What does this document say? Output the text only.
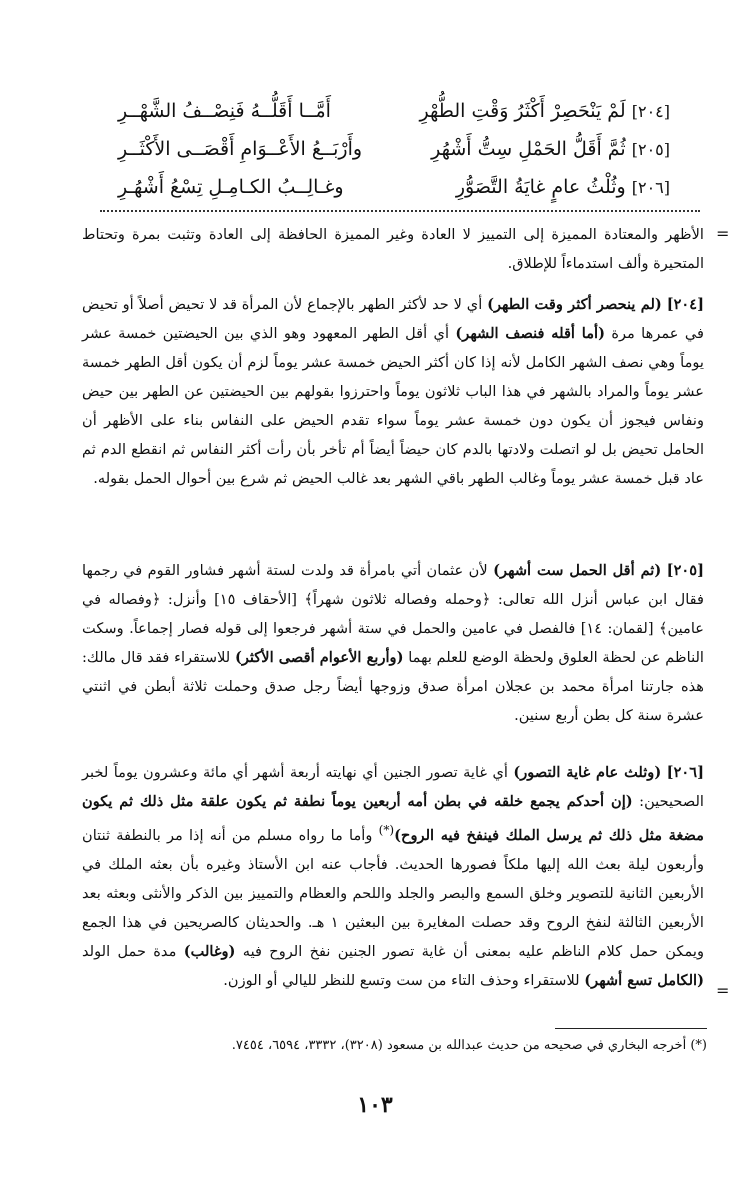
[٢٠٤]لَمْ يَنْحَصِرْ أَكْثَرُ وَقْتِ الطُّهْرِ
أَمَّــا أَقَلُّــهُ فَنِصْــفُ الشَّهْــرِ
[٢٠٥]ثُمَّ أَقَلُّ الحَمْلِ سِتُّ أَشْهُرِ
وأَرْبَــعُ الأَعْــوَامِ أَقْصَــى الأَكْثَــرِ
[٢٠٦]وثُلْثُ عامٍ غايَةُ التَّصَوُّرِ
وغـالِــبُ الكـامِـلِ تِسْعُ أَشْهُـرِ
=
الأظهر والمعتادة المميزة إلى التمييز لا العادة وغير المميزة الحافظة إلى العادة وتثبت بمرة وتحتاط المتحيرة وألف استدماءاً للإطلاق.
[٢٠٤] (لم ينحصر أكثر وقت الطهر) أي لا حد لأكثر الطهر بالإجماع لأن المرأة قد لا تحيض أصلاً أو تحيض في عمرها مرة (أما أقله فنصف الشهر) أي أقل الطهر المعهود وهو الذي بين الحيضتين خمسة عشر يوماً وهي نصف الشهر الكامل لأنه إذا كان أكثر الحيض خمسة عشر يوماً لزم أن يكون أقل الطهر خمسة عشر يوماً والمراد بالشهر في هذا الباب ثلاثون يوماً واحترزوا بقولهم بين الحيضتين عن الطهر بين حيض ونفاس فيجوز أن يكون دون خمسة عشر يوماً سواء تقدم الحيض على النفاس بناء على الأظهر أن الحامل تحيض بل لو اتصلت ولادتها بالدم كان حيضاً أيضاً أم تأخر بأن رأت أكثر النفاس ثم انقطع الدم ثم عاد قبل خمسة عشر يوماً وغالب الطهر باقي الشهر بعد غالب الحيض ثم شرع بين أحوال الحمل بقوله.
[٢٠٥] (ثم أقل الحمل ست أشهر) لأن عثمان أتي بامرأة قد ولدت لستة أشهر فشاور القوم في رجمها فقال ابن عباس أنزل الله تعالى: ﴿وحمله وفصاله ثلاثون شهراً﴾ [الأحقاف ١٥] وأنزل: ﴿وفصاله في عامين﴾ [لقمان: ١٤] فالفصل في عامين والحمل في ستة أشهر فرجعوا إلى قوله فصار إجماعاً. وسكت الناظم عن لحظة العلوق ولحظة الوضع للعلم بهما (وأربع الأعوام أقصى الأكثر) للاستقراء فقد قال مالك: هذه جارتنا امرأة محمد بن عجلان امرأة صدق وزوجها أيضاً رجل صدق وحملت ثلاثة أبطن في اثنتي عشرة سنة كل بطن أربع سنين.
[٢٠٦] (وثلث عام غاية التصور) أي غاية تصور الجنين أي نهايته أربعة أشهر أي مائة وعشرون يوماً لخبر الصحيحين: (إن أحدكم يجمع خلقه في بطن أمه أربعين يوماً نطفة ثم يكون علقة مثل ذلك ثم يكون مضغة مثل ذلك ثم يرسل الملك فينفخ فيه الروح)(*) وأما ما رواه مسلم من أنه إذا مر بالنطفة ثنتان وأربعون ليلة بعث الله إليها ملكاً فصورها الحديث. فأجاب عنه ابن الأستاذ وغيره بأن بعثه الملك في الأربعين الثانية للتصوير وخلق السمع والبصر والجلد واللحم والعظام والتمييز بين الذكر والأنثى وبعثه بعد الأربعين الثالثة لنفخ الروح وقد حصلت المغايرة بين البعثين ١ هـ. والحديثان كالصريحين في هذا الجمع ويمكن حمل كلام الناظم عليه بمعنى أن غاية تصور الجنين نفخ الروح فيه (وغالب) مدة حمل الولد (الكامل تسع أشهر) للاستقراء وحذف التاء من ست وتسع للنظر لليالي أو الوزن.
=
(*) أخرجه البخاري في صحيحه من حديث عبدالله بن مسعود (٣٢٠٨)، ٣٣٣٢، ٦٥٩٤، ٧٤٥٤.
١٠٣
